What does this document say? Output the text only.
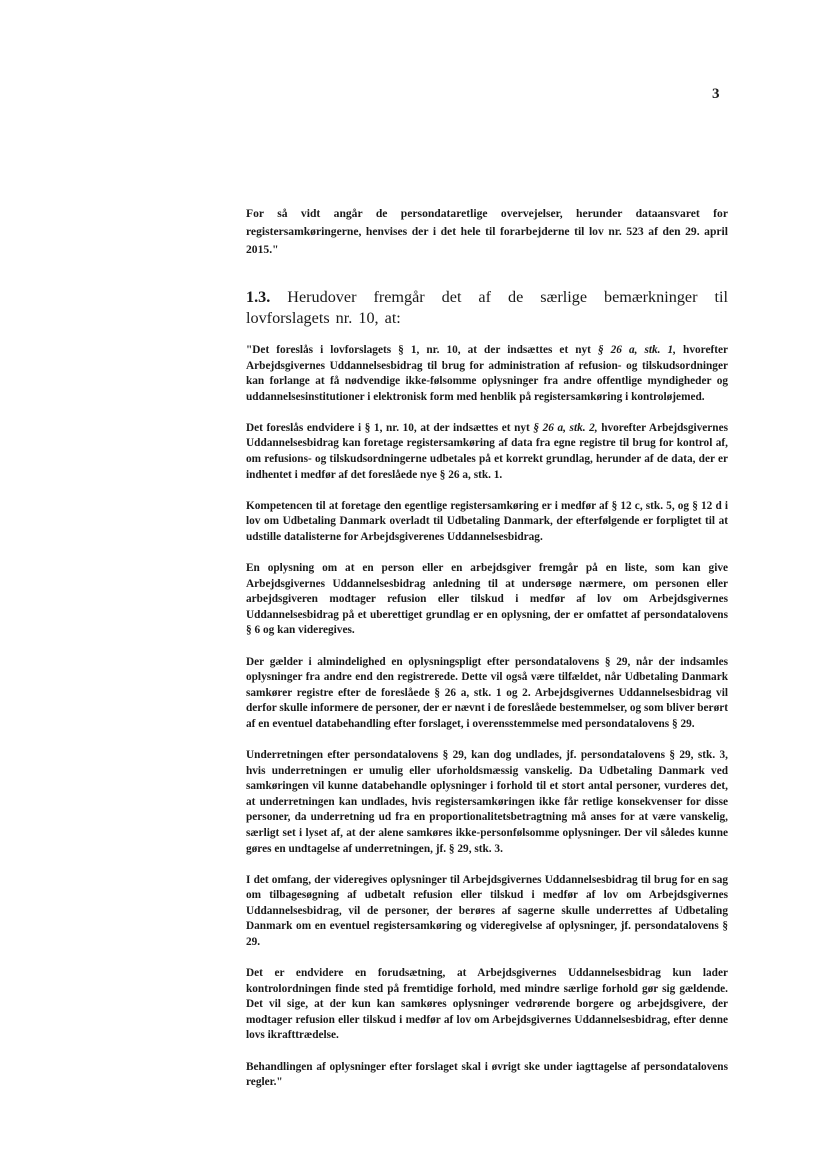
3

For så vidt angår de persondataretlige overvejelser, herunder dataansvaret for registersamkøringerne, henvises der i det hele til forarbejderne til lov nr. 523 af den 29. april 2015."

1.3. Herudover fremgår det af de særlige bemærkninger til lovforslagets nr. 10, at:

"Det foreslås i lovforslagets § 1, nr. 10, at der indsættes et nyt § 26 a, stk. 1, hvorefter Arbejdsgivernes Uddannelsesbidrag til brug for administration af refusion- og tilskudsordninger kan forlange at få nødvendige ikke-følsomme oplysninger fra andre offentlige myndigheder og uddannelsesinstitutioner i elektronisk form med henblik på registersamkøring i kontroløjemed.

Det foreslås endvidere i § 1, nr. 10, at der indsættes et nyt § 26 a, stk. 2, hvorefter Arbejdsgivernes Uddannelsesbidrag kan foretage registersamkøring af data fra egne registre til brug for kontrol af, om refusions- og tilskudsordningerne udbetales på et korrekt grundlag, herunder af de data, der er indhentet i medfør af det foreslåede nye § 26 a, stk. 1.

Kompetencen til at foretage den egentlige registersamkøring er i medfør af § 12 c, stk. 5, og § 12 d i lov om Udbetaling Danmark overladt til Udbetaling Danmark, der efterfølgende er forpligtet til at udstille datalisterne for Arbejdsgiverenes Uddannelsesbidrag.

En oplysning om at en person eller en arbejdsgiver fremgår på en liste, som kan give Arbejdsgivernes Uddannelsesbidrag anledning til at undersøge nærmere, om personen eller arbejdsgiveren modtager refusion eller tilskud i medfør af lov om Arbejdsgivernes Uddannelsesbidrag på et uberettiget grundlag er en oplysning, der er omfattet af persondatalovens § 6 og kan videregives.

Der gælder i almindelighed en oplysningspligt efter persondatalovens § 29, når der indsamles oplysninger fra andre end den registrerede. Dette vil også være tilfældet, når Udbetaling Danmark samkører registre efter de foreslåede § 26 a, stk. 1 og 2. Arbejdsgivernes Uddannelsesbidrag vil derfor skulle informere de personer, der er nævnt i de foreslåede bestemmelser, og som bliver berørt af en eventuel databehandling efter forslaget, i overensstemmelse med persondatalovens § 29.

Underretningen efter persondatalovens § 29, kan dog undlades, jf. persondatalovens § 29, stk. 3, hvis underretningen er umulig eller uforholdsmæssig vanskelig. Da Udbetaling Danmark ved samkøringen vil kunne databehandle oplysninger i forhold til et stort antal personer, vurderes det, at underretningen kan undlades, hvis registersamkøringen ikke får retlige konsekvenser for disse personer, da underretning ud fra en proportionalitetsbetragtning må anses for at være vanskelig, særligt set i lyset af, at der alene samkøres ikke-personfølsomme oplysninger. Der vil således kunne gøres en undtagelse af underretningen, jf. § 29, stk. 3.

I det omfang, der videregives oplysninger til Arbejdsgivernes Uddannelsesbidrag til brug for en sag om tilbagesøgning af udbetalt refusion eller tilskud i medfør af lov om Arbejdsgivernes Uddannelsesbidrag, vil de personer, der berøres af sagerne skulle underrettes af Udbetaling Danmark om en eventuel registersamkøring og videregivelse af oplysninger, jf. persondatalovens § 29.

Det er endvidere en forudsætning, at Arbejdsgivernes Uddannelsesbidrag kun lader kontrolordningen finde sted på fremtidige forhold, med mindre særlige forhold gør sig gældende. Det vil sige, at der kun kan samkøres oplysninger vedrørende borgere og arbejdsgivere, der modtager refusion eller tilskud i medfør af lov om Arbejdsgivernes Uddannelsesbidrag, efter denne lovs ikrafttrædelse.

Behandlingen af oplysninger efter forslaget skal i øvrigt ske under iagttagelse af persondatalovens regler."
